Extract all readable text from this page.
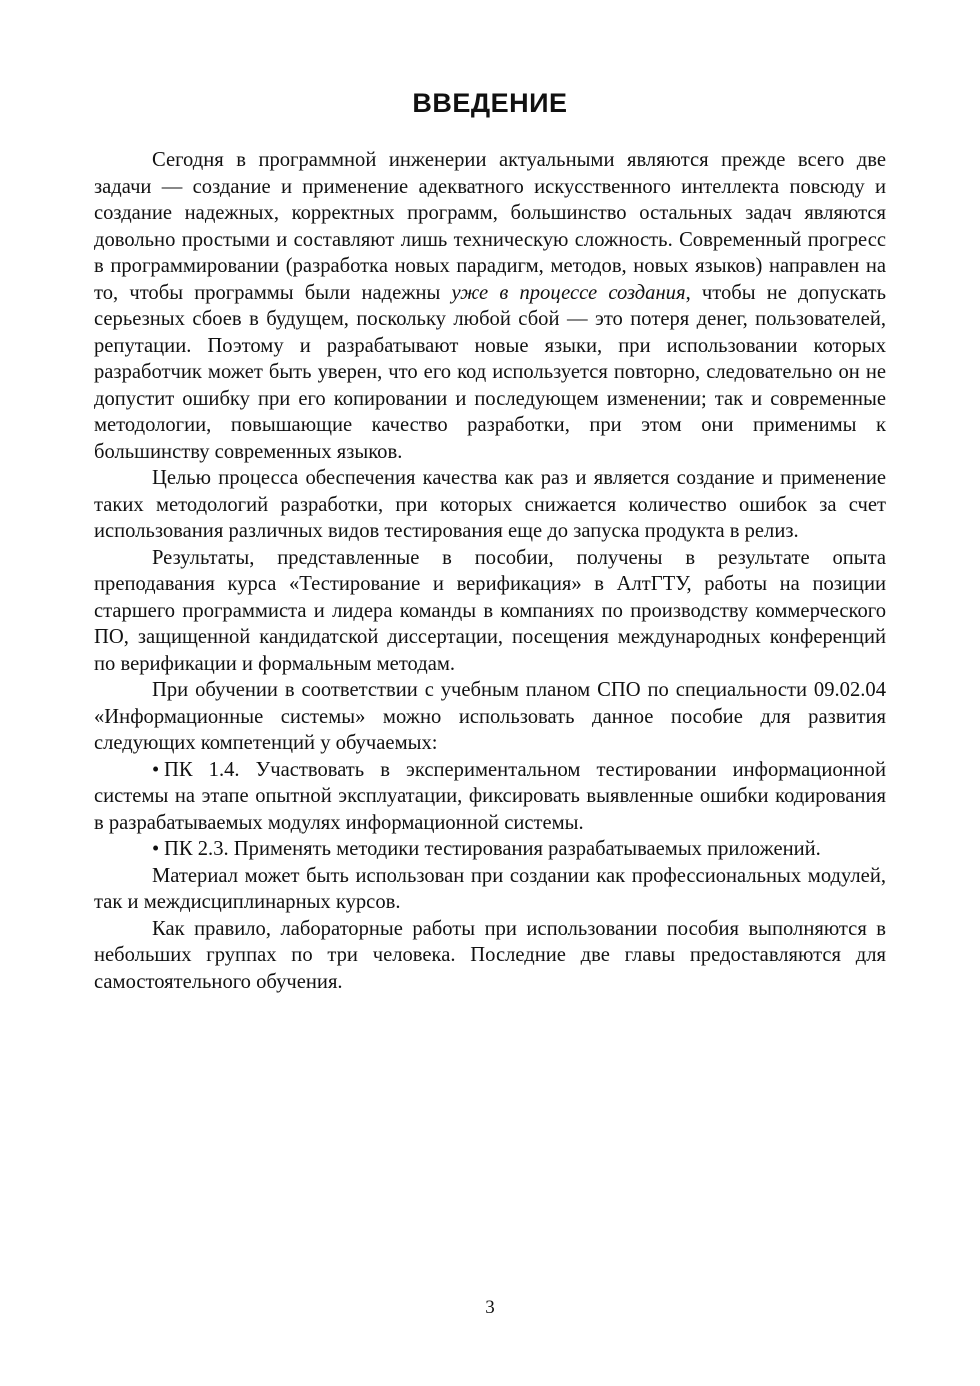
ВВЕДЕНИЕ

Сегодня в программной инженерии актуальными являются прежде всего две задачи — создание и применение адекватного искусственного интеллекта повсюду и создание надежных, корректных программ, большинство остальных задач являются довольно простыми и составляют лишь техническую сложность. Современный прогресс в программировании (разработка новых парадигм, методов, новых языков) направлен на то, чтобы программы были надежны уже в процессе создания, чтобы не допускать серьезных сбоев в будущем, поскольку любой сбой — это потеря денег, пользователей, репутации. Поэтому и разрабатывают новые языки, при использовании которых разработчик может быть уверен, что его код используется повторно, следовательно он не допустит ошибку при его копировании и последующем изменении; так и современные методологии, повышающие качество разработки, при этом они применимы к большинству современных языков.

Целью процесса обеспечения качества как раз и является создание и применение таких методологий разработки, при которых снижается количество ошибок за счет использования различных видов тестирования еще до запуска продукта в релиз.

Результаты, представленные в пособии, получены в результате опыта преподавания курса «Тестирование и верификация» в АлтГТУ, работы на позиции старшего программиста и лидера команды в компаниях по производству коммерческого ПО, защищенной кандидатской диссертации, посещения международных конференций по верификации и формальным методам.

При обучении в соответствии с учебным планом СПО по специальности 09.02.04 «Информационные системы» можно использовать данное пособие для развития следующих компетенций у обучаемых:

• ПК 1.4. Участвовать в экспериментальном тестировании информационной системы на этапе опытной эксплуатации, фиксировать выявленные ошибки кодирования в разрабатываемых модулях информационной системы.

• ПК 2.3. Применять методики тестирования разрабатываемых приложений.

Материал может быть использован при создании как профессиональных модулей, так и междисциплинарных курсов.

Как правило, лабораторные работы при использовании пособия выполняются в небольших группах по три человека. Последние две главы предоставляются для самостоятельного обучения.

3
